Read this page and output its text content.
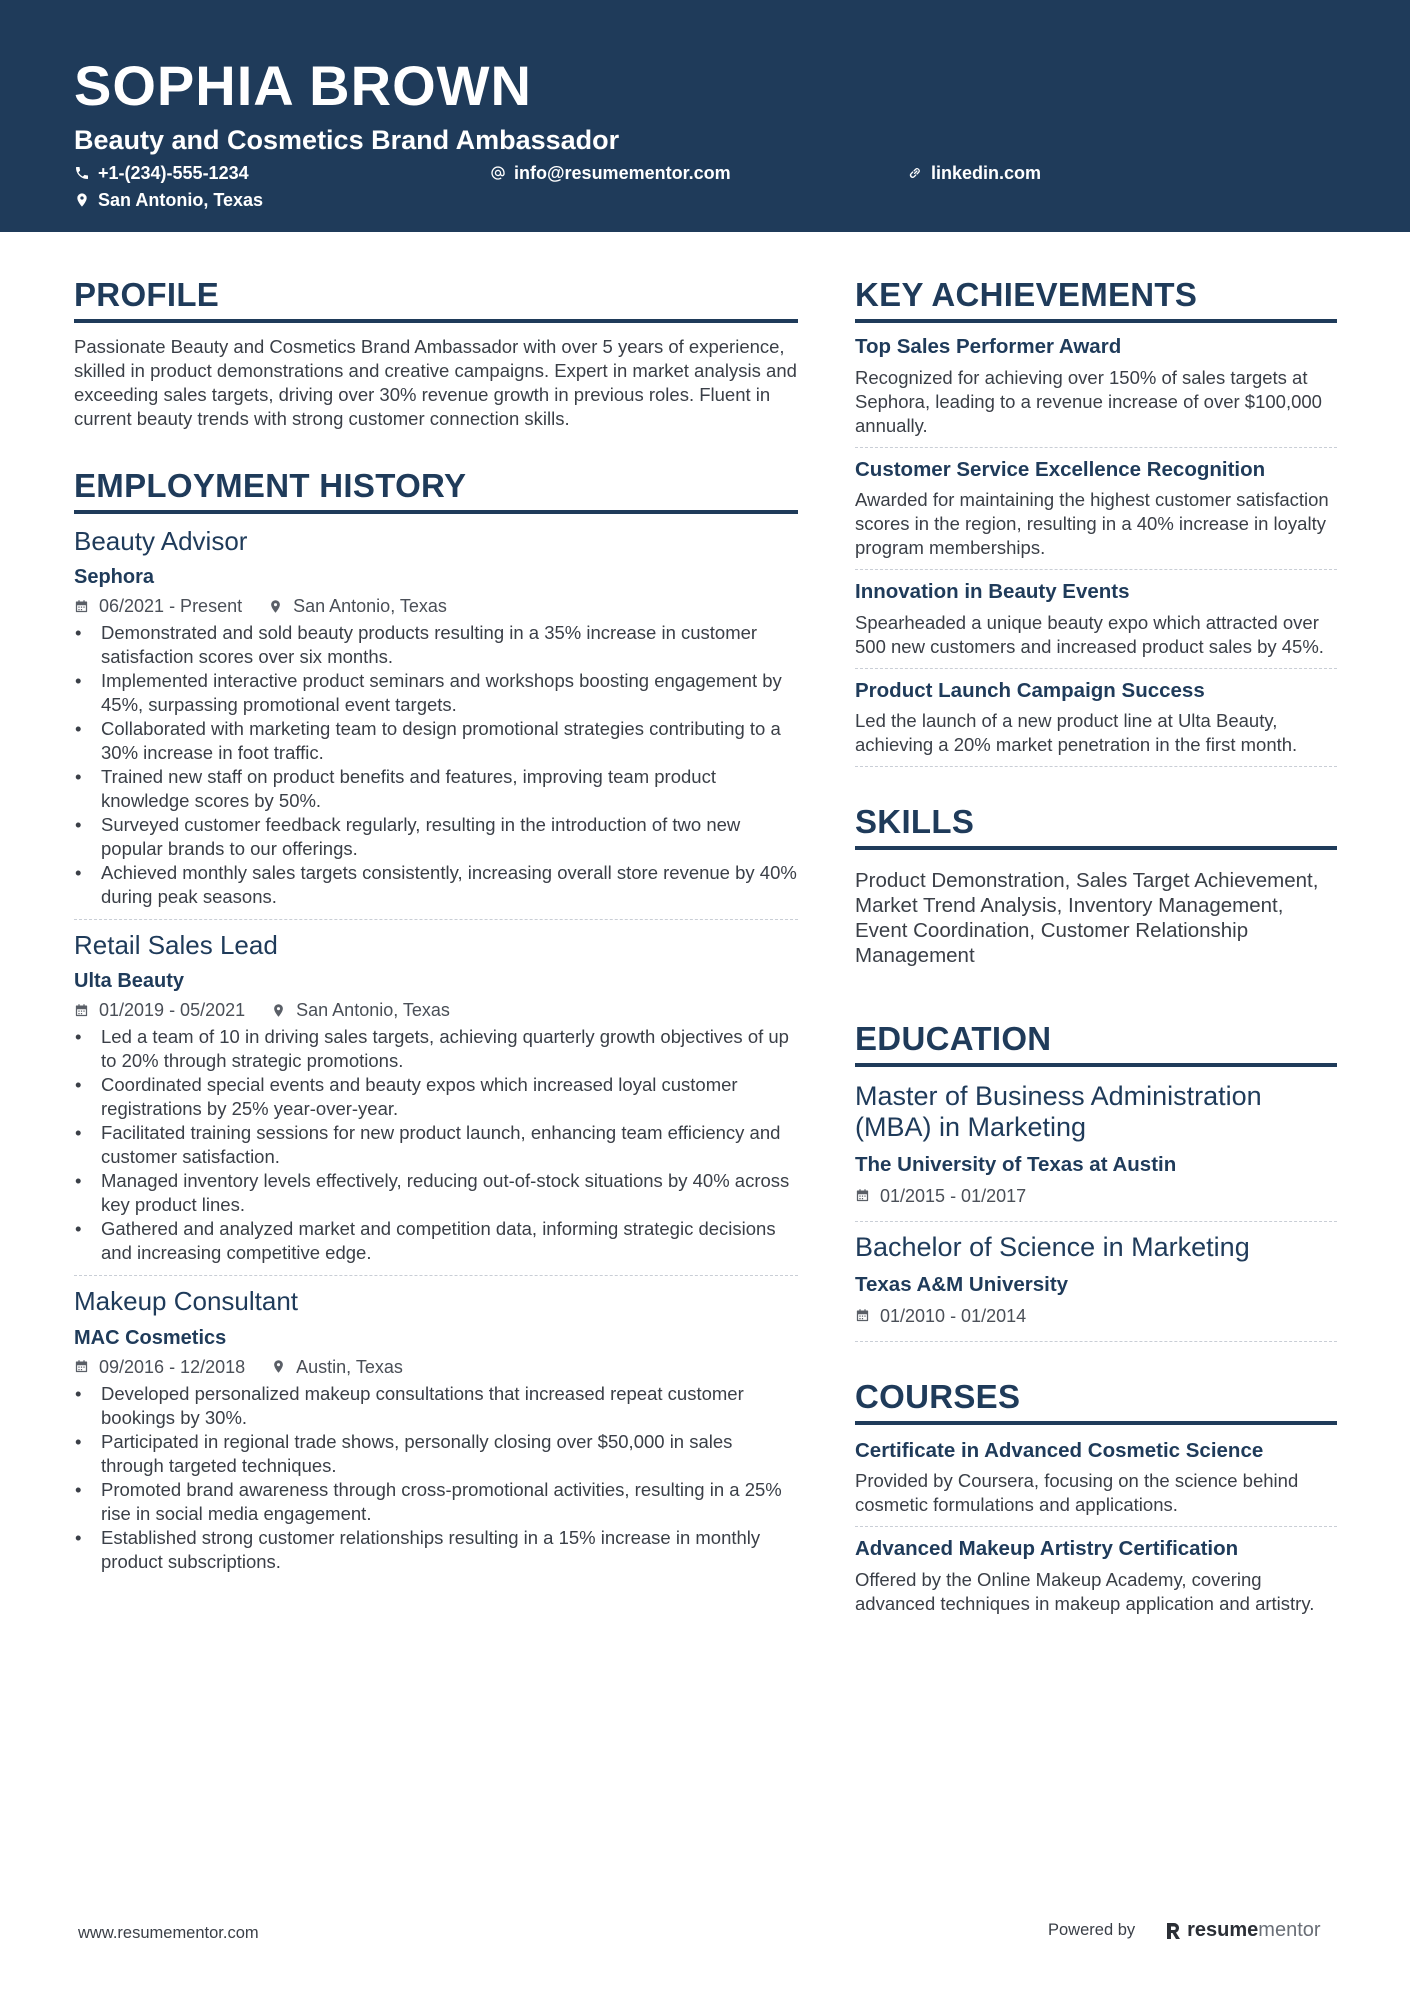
SOPHIA BROWN
Beauty and Cosmetics Brand Ambassador
+1-(234)-555-1234	info@resumementor.com	linkedin.com
San Antonio, Texas
PROFILE

Passionate Beauty and Cosmetics Brand Ambassador with over 5 years of experience, skilled in product demonstrations and creative campaigns. Expert in market analysis and exceeding sales targets, driving over 30% revenue growth in previous roles. Fluent in current beauty trends with strong customer connection skills.

EMPLOYMENT HISTORY
Beauty Advisor
Sephora
06/2021 - Present	San Antonio, Texas
• Demonstrated and sold beauty products resulting in a 35% increase in customer satisfaction scores over six months.
• Implemented interactive product seminars and workshops boosting engagement by 45%, surpassing promotional event targets.
• Collaborated with marketing team to design promotional strategies contributing to a 30% increase in foot traffic.
• Trained new staff on product benefits and features, improving team product knowledge scores by 50%.
• Surveyed customer feedback regularly, resulting in the introduction of two new popular brands to our offerings.
• Achieved monthly sales targets consistently, increasing overall store revenue by 40% during peak seasons.
Retail Sales Lead
Ulta Beauty
01/2019 - 05/2021	San Antonio, Texas
• Led a team of 10 in driving sales targets, achieving quarterly growth objectives of up to 20% through strategic promotions.
• Coordinated special events and beauty expos which increased loyal customer registrations by 25% year-over-year.
• Facilitated training sessions for new product launch, enhancing team efficiency and customer satisfaction.
• Managed inventory levels effectively, reducing out-of-stock situations by 40% across key product lines.
• Gathered and analyzed market and competition data, informing strategic decisions and increasing competitive edge.
Makeup Consultant
MAC Cosmetics
09/2016 - 12/2018	Austin, Texas
• Developed personalized makeup consultations that increased repeat customer bookings by 30%.
• Participated in regional trade shows, personally closing over $50,000 in sales through targeted techniques.
• Promoted brand awareness through cross-promotional activities, resulting in a 25% rise in social media engagement.
• Established strong customer relationships resulting in a 15% increase in monthly product subscriptions.
KEY ACHIEVEMENTS
Top Sales Performer Award

Recognized for achieving over 150% of sales targets at Sephora, leading to a revenue increase of over $100,000 annually.

Customer Service Excellence Recognition

Awarded for maintaining the highest customer satisfaction scores in the region, resulting in a 40% increase in loyalty program memberships.

Innovation in Beauty Events

Spearheaded a unique beauty expo which attracted over 500 new customers and increased product sales by 45%.

Product Launch Campaign Success

Led the launch of a new product line at Ulta Beauty, achieving a 20% market penetration in the first month.

SKILLS

Product Demonstration, Sales Target Achievement, Market Trend Analysis, Inventory Management, Event Coordination, Customer Relationship Management

EDUCATION
Master of Business Administration (MBA) in Marketing
The University of Texas at Austin
01/2015 - 01/2017
Bachelor of Science in Marketing
Texas A&M University
01/2010 - 01/2014
COURSES
Certificate in Advanced Cosmetic Science

Provided by Coursera, focusing on the science behind cosmetic formulations and applications.

Advanced Makeup Artistry Certification

Offered by the Online Makeup Academy, covering advanced techniques in makeup application and artistry.

www.resumementor.com	Powered by	resume mentor
